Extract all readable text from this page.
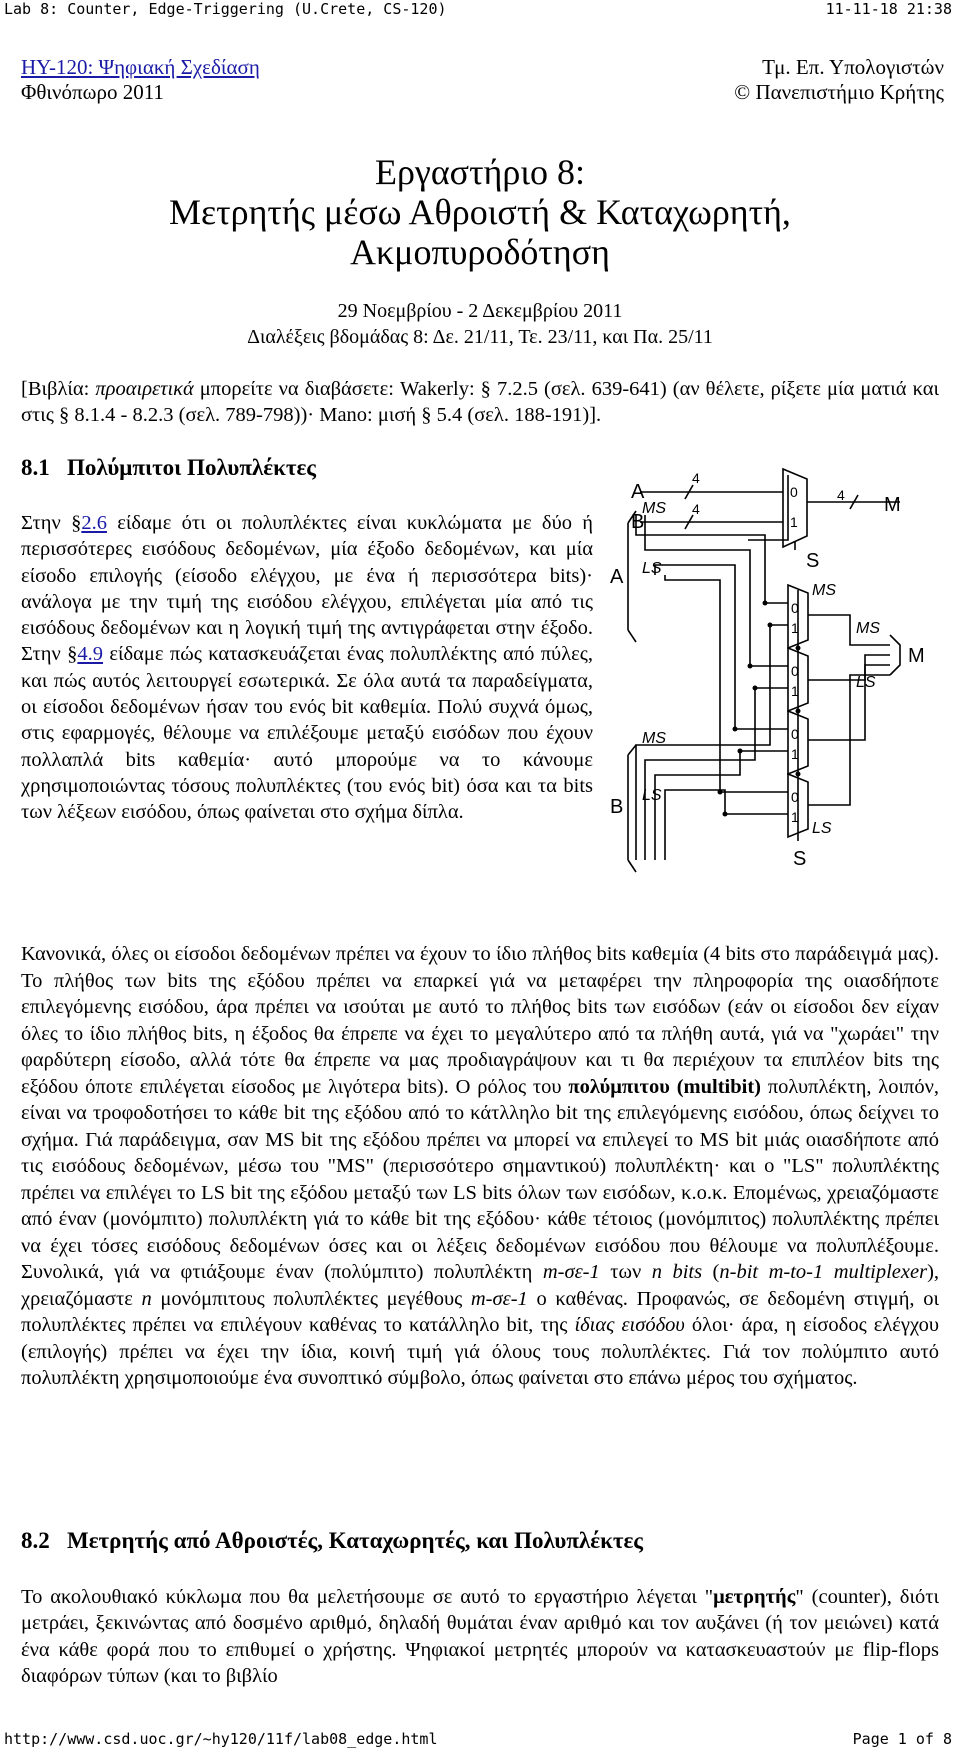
Lab 8: Counter, Edge-Triggering (U.Crete, CS-120)	11-11-18 21:38
HY-120: Ψηφιακή Σχεδίαση
Φθινόπωρο 2011
Τμ. Επ. Υπολογιστών
© Πανεπιστήμιο Κρήτης
Εργαστήριο 8:
Μετρητής μέσω Αθροιστή & Καταχωρητή,
Ακμοπυροδότηση
29 Νοεμβρίου - 2 Δεκεμβρίου 2011
Διαλέξεις βδομάδας 8: Δε. 21/11, Τε. 23/11, και Πα. 25/11

[Βιβλία: προαιρετικά μπορείτε να διαβάσετε: Wakerly: § 7.2.5 (σελ. 639-641) (αν θέλετε, ρίξετε μία ματιά και στις § 8.1.4 - 8.2.3 (σελ. 789-798))· Mano: μισή § 5.4 (σελ. 188-191)].

8.1   Πολύμπιτοι Πολυπλέκτες

Στην §2.6 είδαμε ότι οι πολυπλέκτες είναι κυκλώματα με δύο ή περισσότερες εισόδους δεδομένων, μία έξοδο δεδομένων, και μία είσοδο επιλογής (είσοδο ελέγχου, με ένα ή περισσότερα bits)· ανάλογα με την τιμή της εισόδου ελέγχου, επιλέγεται μία από τις εισόδους δεδομένων και η λογική τιμή της αντιγράφεται στην έξοδο. Στην §4.9 είδαμε πώς κατασκευάζεται ένας πολυπλέκτης από πύλες, και πώς αυτός λειτουργεί εσωτερικά. Σε όλα αυτά τα παραδείγματα, οι είσοδοι δεδομένων ήσαν του ενός bit καθεμία. Πολύ συχνά όμως, στις εφαρμογές, θέλουμε να επιλέξουμε μεταξύ εισόδων που έχουν πολλαπλά bits καθεμία· αυτό μπορούμε να το κάνουμε χρησιμοποιώντας τόσους πολυπλέκτες (του ενός bit) όσα και τα bits των λέξεων εισόδου, όπως φαίνεται στο σχήμα δίπλα.

A
B
4
4
4
0
1
M
S
A
MS
LS
MS
0
1
0
1
0
1
0
1
MS
M
LS
LS
MS
B
LS
S

Κανονικά, όλες οι είσοδοι δεδομένων πρέπει να έχουν το ίδιο πλήθος bits καθεμία (4 bits στο παράδειγμά μας). Το πλήθος των bits της εξόδου πρέπει να επαρκεί γιά να μεταφέρει την πληροφορία της οιασδήποτε επιλεγόμενης εισόδου, άρα πρέπει να ισούται με αυτό το πλήθος bits των εισόδων (εάν οι είσοδοι δεν είχαν όλες το ίδιο πλήθος bits, η έξοδος θα έπρεπε να έχει το μεγαλύτερο από τα πλήθη αυτά, γιά να "χωράει" την φαρδύτερη είσοδο, αλλά τότε θα έπρεπε να μας προδιαγράψουν και τι θα περιέχουν τα επιπλέον bits της εξόδου όποτε επιλέγεται είσοδος με λιγότερα bits). Ο ρόλος του πολύμπιτου (multibit) πολυπλέκτη, λοιπόν, είναι να τροφοδοτήσει το κάθε bit της εξόδου από το κάτλληλο bit της επιλεγόμενης εισόδου, όπως δείχνει το σχήμα. Γιά παράδειγμα, σαν MS bit της εξόδου πρέπει να μπορεί να επιλεγεί το MS bit μιάς οιασδήποτε από τις εισόδους δεδομένων, μέσω του "MS" (περισσότερο σημαντικού) πολυπλέκτη· και ο "LS" πολυπλέκτης πρέπει να επιλέγει το LS bit της εξόδου μεταξύ των LS bits όλων των εισόδων, κ.ο.κ. Επομένως, χρειαζόμαστε από έναν (μονόμπιτο) πολυπλέκτη γιά το κάθε bit της εξόδου· κάθε τέτοιος (μονόμπιτος) πολυπλέκτης πρέπει να έχει τόσες εισόδους δεδομένων όσες και οι λέξεις δεδομένων εισόδου που θέλουμε να πολυπλέξουμε. Συνολικά, γιά να φτιάξουμε έναν (πολύμπιτο) πολυπλέκτη m-σε-1 των n bits (n-bit m-to-1 multiplexer), χρειαζόμαστε n μονόμπιτους πολυπλέκτες μεγέθους m-σε-1 ο καθένας. Προφανώς, σε δεδομένη στιγμή, οι πολυπλέκτες πρέπει να επιλέγουν καθένας το κατάλληλο bit, της ίδιας εισόδου όλοι· άρα, η είσοδος ελέγχου (επιλογής) πρέπει να έχει την ίδια, κοινή τιμή γιά όλους τους πολυπλέκτες. Γιά τον πολύμπιτο αυτό πολυπλέκτη χρησιμοποιούμε ένα συνοπτικό σύμβολο, όπως φαίνεται στο επάνω μέρος του σχήματος.

8.2   Μετρητής από Αθροιστές, Καταχωρητές, και Πολυπλέκτες

Το ακολουθιακό κύκλωμα που θα μελετήσουμε σε αυτό το εργαστήριο λέγεται "μετρητής" (counter), διότι μετράει, ξεκινώντας από δοσμένο αριθμό, δηλαδή θυμάται έναν αριθμό και τον αυξάνει (ή τον μειώνει) κατά ένα κάθε φορά που το επιθυμεί ο χρήστης. Ψηφιακοί μετρητές μπορούν να κατασκευαστούν με flip-flops διαφόρων τύπων (και το βιβλίο

http://www.csd.uoc.gr/~hy120/11f/lab08_edge.html	Page 1 of 8
